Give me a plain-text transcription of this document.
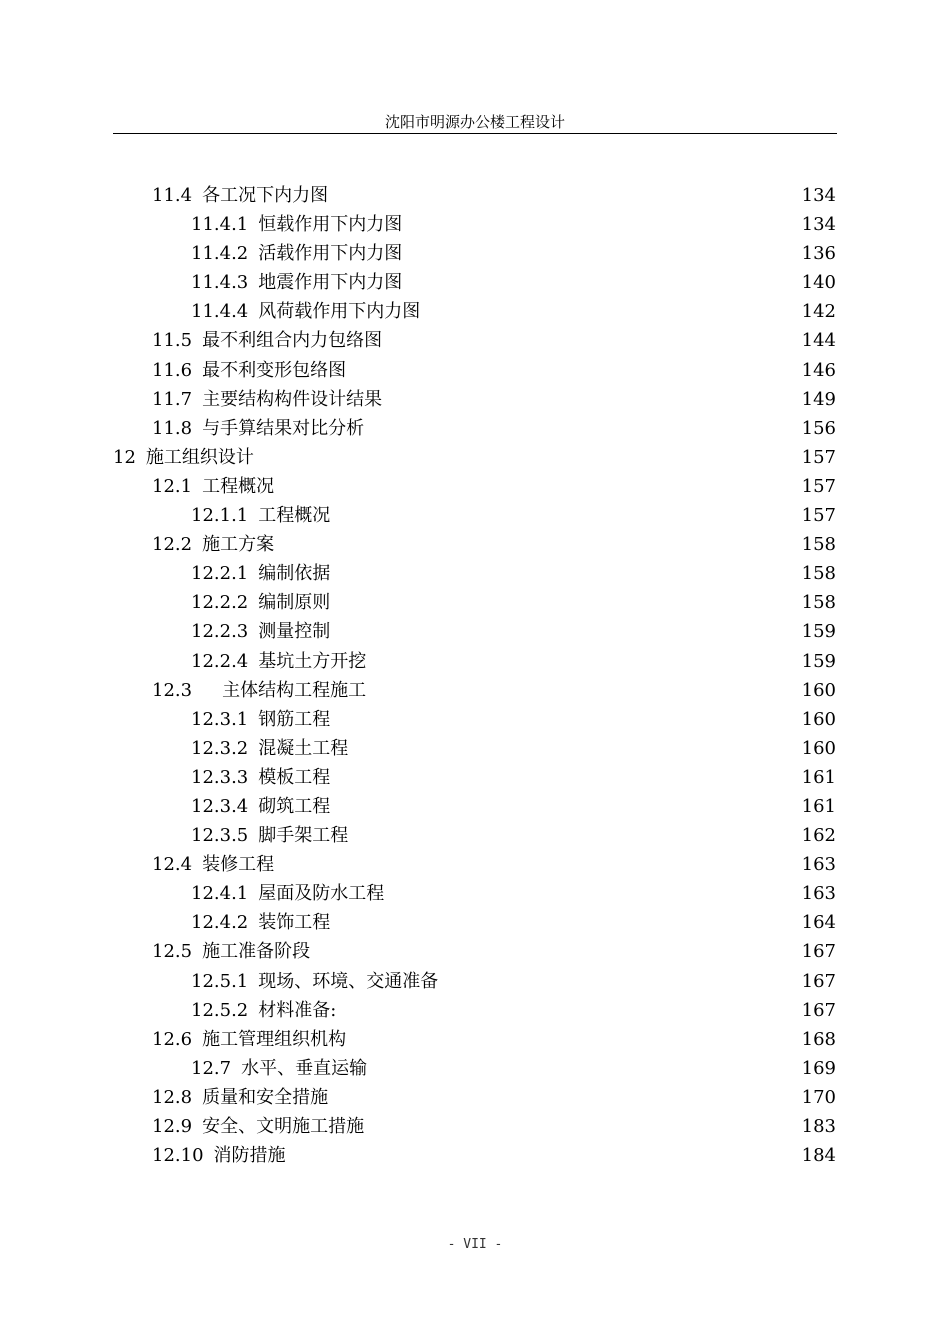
沈阳市明源办公楼工程设计
11.4 各工况下内力图	134
11.4.1 恒载作用下内力图	134
11.4.2 活载作用下内力图	136
11.4.3 地震作用下内力图	140
11.4.4 风荷载作用下内力图	142
11.5 最不利组合内力包络图	144
11.6 最不利变形包络图	146
11.7 主要结构构件设计结果	149
11.8 与手算结果对比分析	156
12 施工组织设计	157
12.1 工程概况	157
12.1.1 工程概况	157
12.2 施工方案	158
12.2.1 编制依据	158
12.2.2 编制原则	158
12.2.3 测量控制	159
12.2.4 基坑土方开挖	159
12.3 主体结构工程施工	160
12.3.1 钢筋工程	160
12.3.2 混凝土工程	160
12.3.3 模板工程	161
12.3.4 砌筑工程	161
12.3.5 脚手架工程	162
12.4 装修工程	163
12.4.1 屋面及防水工程	163
12.4.2 装饰工程	164
12.5 施工准备阶段	167
12.5.1 现场、环境、交通准备	167
12.5.2 材料准备:	167
12.6 施工管理组织机构	168
12.7 水平、垂直运输	169
12.8 质量和安全措施	170
12.9 安全、文明施工措施	183
12.10 消防措施	184
- VII -
